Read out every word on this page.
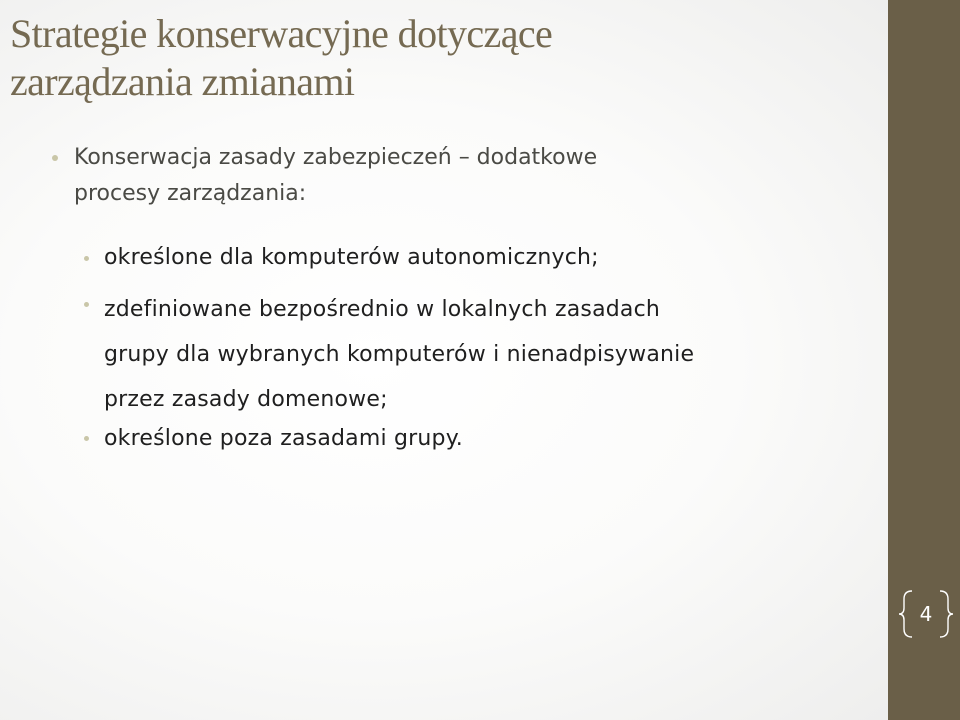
Strategie konserwacyjne dotyczące
zarządzania zmianami
Konserwacja zasady zabezpieczeń – dodatkowe
procesy zarządzania:
określone dla komputerów autonomicznych;
zdefiniowane bezpośrednio w lokalnych zasadach
grupy dla wybranych komputerów i nienadpisywanie
przez zasady domenowe;
określone poza zasadami grupy.
4
